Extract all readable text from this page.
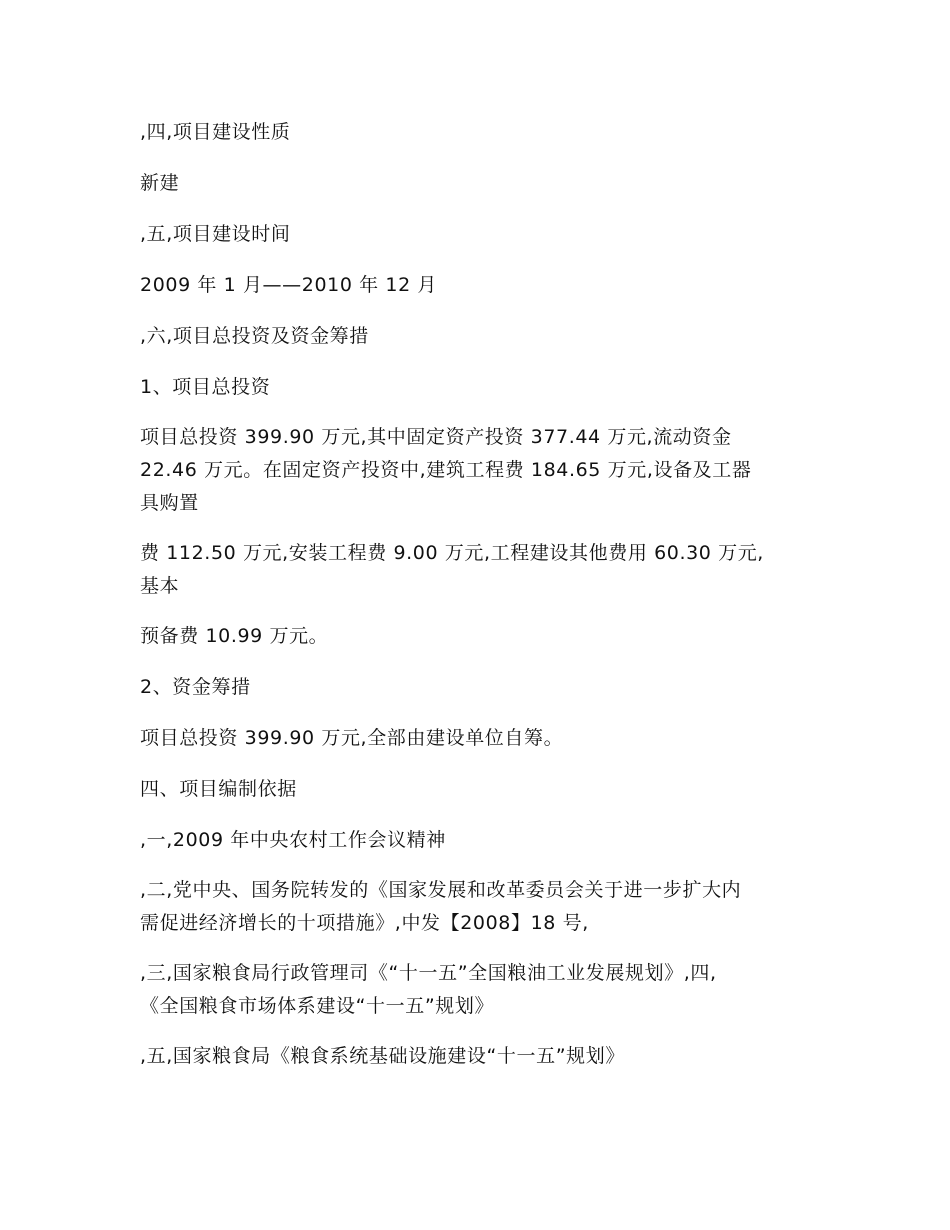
,四,项目建设性质

新建

,五,项目建设时间

2009 年 1 月——2010 年 12 月

,六,项目总投资及资金筹措

1、项目总投资

项目总投资 399.90 万元,其中固定资产投资 377.44 万元,流动资金
22.46 万元。在固定资产投资中,建筑工程费 184.65 万元,设备及工器
具购置

费 112.50 万元,安装工程费 9.00 万元,工程建设其他费用 60.30 万元,
基本

预备费 10.99 万元。

2、资金筹措

项目总投资 399.90 万元,全部由建设单位自筹。

四、项目编制依据

,一,2009 年中央农村工作会议精神

,二,党中央、国务院转发的《国家发展和改革委员会关于进一步扩大内
需促进经济增长的十项措施》,中发【2008】18 号,

,三,国家粮食局行政管理司《“十一五”全国粮油工业发展规划》,四,
《全国粮食市场体系建设“十一五”规划》

,五,国家粮食局《粮食系统基础设施建设“十一五”规划》
